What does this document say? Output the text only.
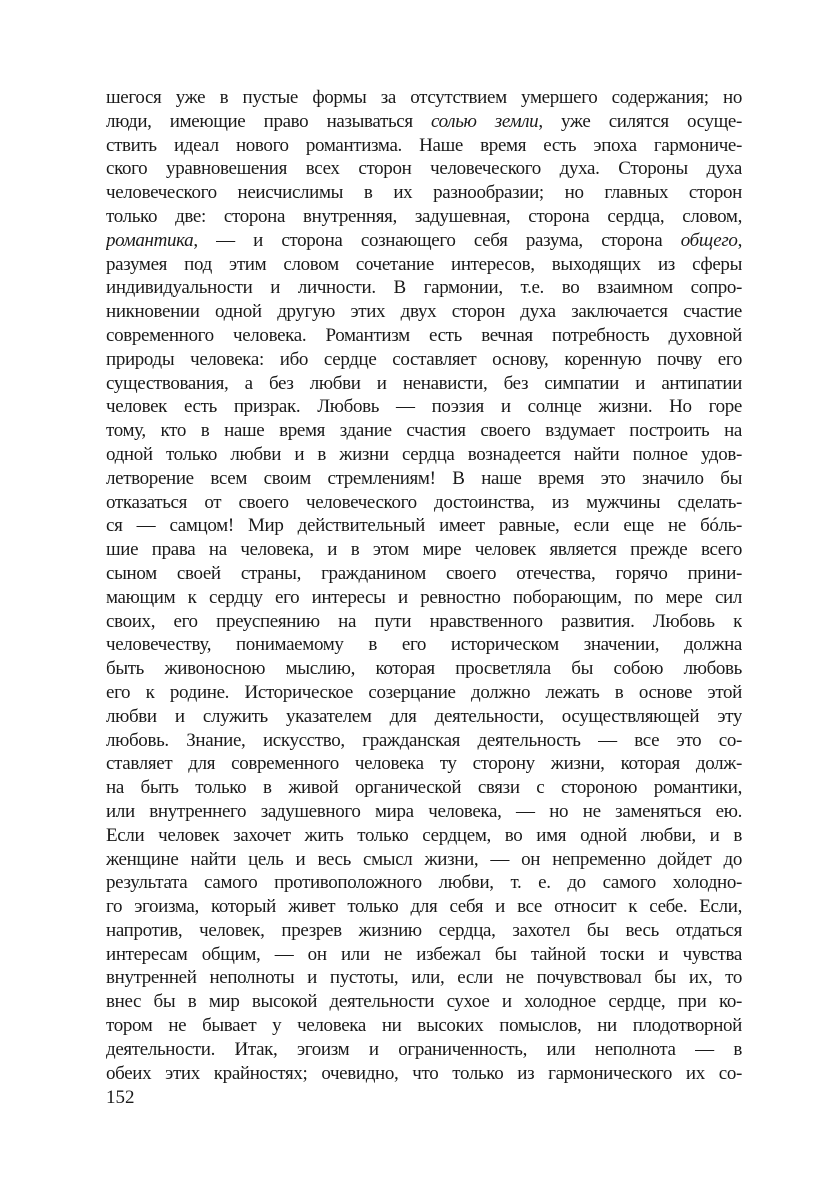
шегося уже в пустые формы за отсутствием умершего содержания; но
люди, имеющие право называться солью земли, уже силятся осуще-
ствить идеал нового романтизма. Наше время есть эпоха гармониче-
ского уравновешения всех сторон человеческого духа. Стороны духа
человеческого неисчислимы в их разнообразии; но главных сторон
только две: сторона внутренняя, задушевная, сторона сердца, словом,
романтика, — и сторона сознающего себя разума, сторона общего,
разумея под этим словом сочетание интересов, выходящих из сферы
индивидуальности и личности. В гармонии, т.е. во взаимном сопро-
никновении одной другую этих двух сторон духа заключается счастие
современного человека. Романтизм есть вечная потребность духовной
природы человека: ибо сердце составляет основу, коренную почву его
существования, а без любви и ненависти, без симпатии и антипатии
человек есть призрак. Любовь — поэзия и солнце жизни. Но горе
тому, кто в наше время здание счастия своего вздумает построить на
одной только любви и в жизни сердца вознадеется найти полное удов-
летворение всем своим стремлениям! В наше время это значило бы
отказаться от своего человеческого достоинства, из мужчины сделать-
ся — самцом! Мир действительный имеет равные, если еще не бóль-
шие права на человека, и в этом мире человек является прежде всего
сыном своей страны, гражданином своего отечества, горячо прини-
мающим к сердцу его интересы и ревностно поборающим, по мере сил
своих, его преуспеянию на пути нравственного развития. Любовь к
человечеству, понимаемому в его историческом значении, должна
быть живоносною мыслию, которая просветляла бы собою любовь
его к родине. Историческое созерцание должно лежать в основе этой
любви и служить указателем для деятельности, осуществляющей эту
любовь. Знание, искусство, гражданская деятельность — все это со-
ставляет для современного человека ту сторону жизни, которая долж-
на быть только в живой органической связи с стороною романтики,
или внутреннего задушевного мира человека, — но не заменяться ею.
Если человек захочет жить только сердцем, во имя одной любви, и в
женщине найти цель и весь смысл жизни, — он непременно дойдет до
результата самого противоположного любви, т. е. до самого холодно-
го эгоизма, который живет только для себя и все относит к себе. Если,
напротив, человек, презрев жизнию сердца, захотел бы весь отдаться
интересам общим, — он или не избежал бы тайной тоски и чувства
внутренней неполноты и пустоты, или, если не почувствовал бы их, то
внес бы в мир высокой деятельности сухое и холодное сердце, при ко-
тором не бывает у человека ни высоких помыслов, ни плодотворной
деятельности. Итак, эгоизм и ограниченность, или неполнота — в
обеих этих крайностях; очевидно, что только из гармонического их со-
152
